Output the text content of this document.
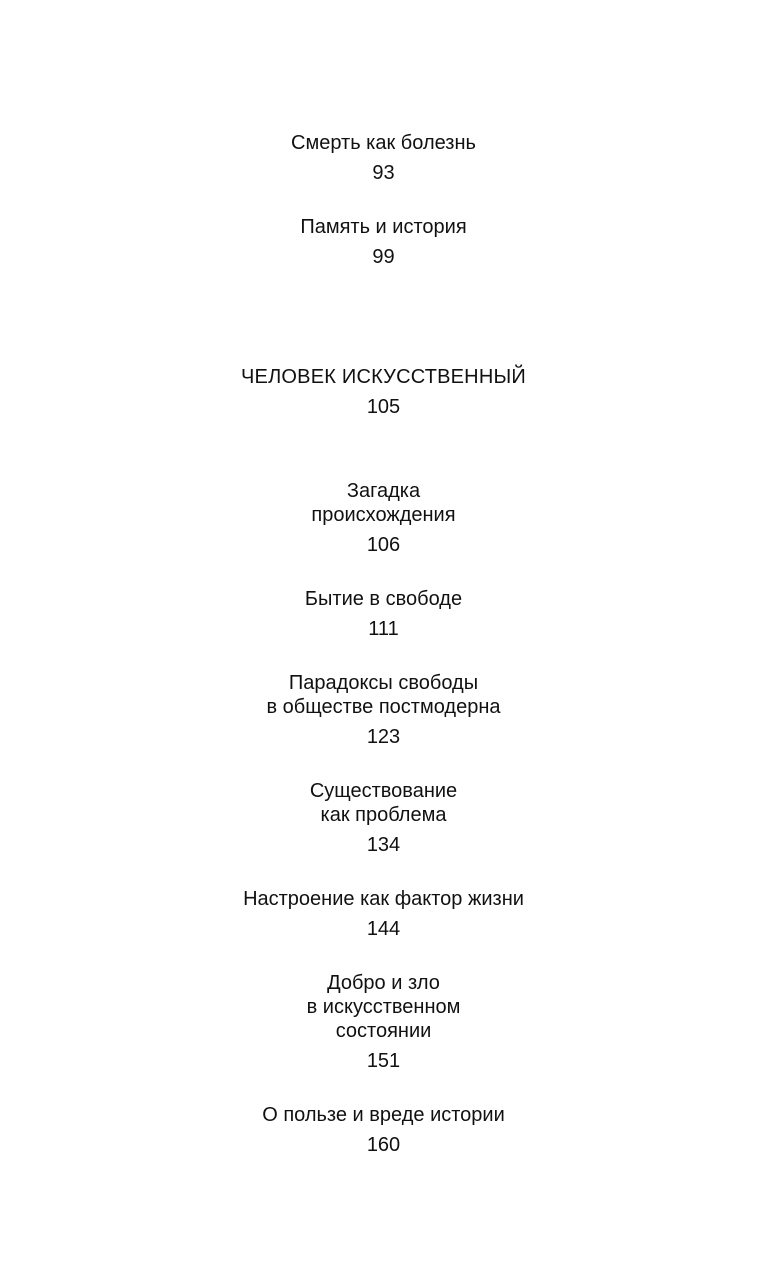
Смерть как болезнь
93
Память и история
99
ЧЕЛОВЕК ИСКУССТВЕННЫЙ
105
Загадка
происхождения
106
Бытие в свободе
111
Парадоксы свободы
в обществе постмодерна
123
Существование
как проблема
134
Настроение как фактор жизни
144
Добро и зло
в искусственном
состоянии
151
О пользе и вреде истории
160
